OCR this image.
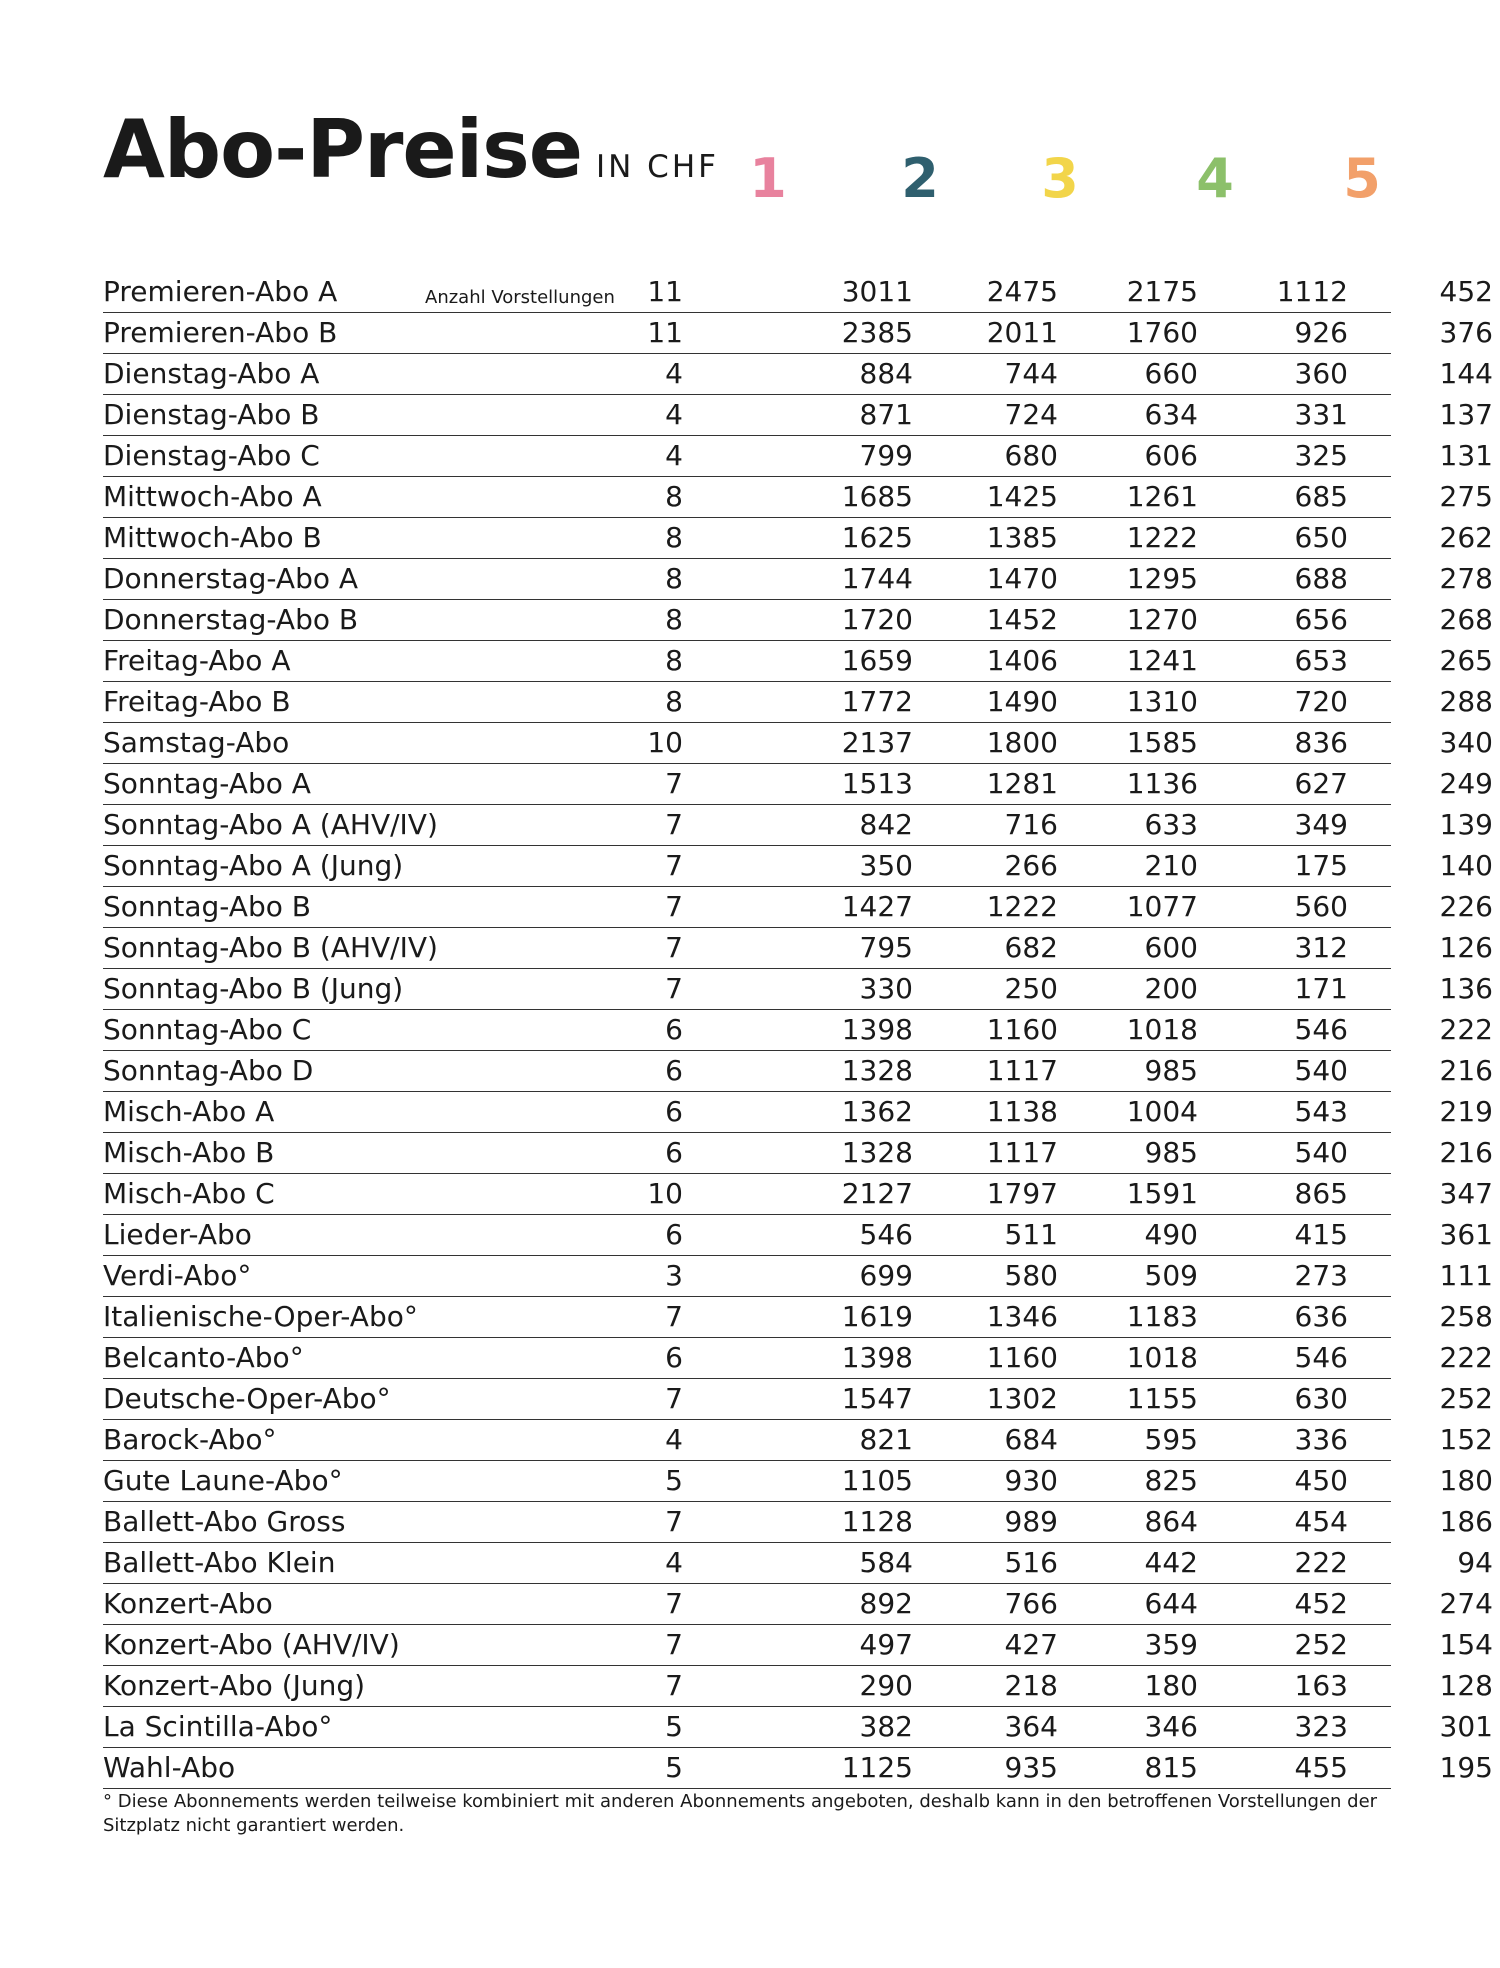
Abo-Preise IN CHF 1 2 3 4 5
Premieren-Abo A	Anzahl Vorstellungen	11	3011	2475	2175	1112	452
Premieren-Abo B	11	2385	2011	1760	926	376
Dienstag-Abo A	4	884	744	660	360	144
Dienstag-Abo B	4	871	724	634	331	137
Dienstag-Abo C	4	799	680	606	325	131
Mittwoch-Abo A	8	1685	1425	1261	685	275
Mittwoch-Abo B	8	1625	1385	1222	650	262
Donnerstag-Abo A	8	1744	1470	1295	688	278
Donnerstag-Abo B	8	1720	1452	1270	656	268
Freitag-Abo A	8	1659	1406	1241	653	265
Freitag-Abo B	8	1772	1490	1310	720	288
Samstag-Abo	10	2137	1800	1585	836	340
Sonntag-Abo A	7	1513	1281	1136	627	249
Sonntag-Abo A (AHV/IV)	7	842	716	633	349	139
Sonntag-Abo A (Jung)	7	350	266	210	175	140
Sonntag-Abo B	7	1427	1222	1077	560	226
Sonntag-Abo B (AHV/IV)	7	795	682	600	312	126
Sonntag-Abo B (Jung)	7	330	250	200	171	136
Sonntag-Abo C	6	1398	1160	1018	546	222
Sonntag-Abo D	6	1328	1117	985	540	216
Misch-Abo A	6	1362	1138	1004	543	219
Misch-Abo B	6	1328	1117	985	540	216
Misch-Abo C	10	2127	1797	1591	865	347
Lieder-Abo	6	546	511	490	415	361
Verdi-Abo°	3	699	580	509	273	111
Italienische-Oper-Abo°	7	1619	1346	1183	636	258
Belcanto-Abo°	6	1398	1160	1018	546	222
Deutsche-Oper-Abo°	7	1547	1302	1155	630	252
Barock-Abo°	4	821	684	595	336	152
Gute Laune-Abo°	5	1105	930	825	450	180
Ballett-Abo Gross	7	1128	989	864	454	186
Ballett-Abo Klein	4	584	516	442	222	94
Konzert-Abo	7	892	766	644	452	274
Konzert-Abo (AHV/IV)	7	497	427	359	252	154
Konzert-Abo (Jung)	7	290	218	180	163	128
La Scintilla-Abo°	5	382	364	346	323	301
Wahl-Abo	5	1125	935	815	455	195
° Diese Abonnements werden teilweise kombiniert mit anderen Abonnements angeboten, deshalb kann in den betroffenen Vorstellungen der Sitzplatz nicht garantiert werden.
